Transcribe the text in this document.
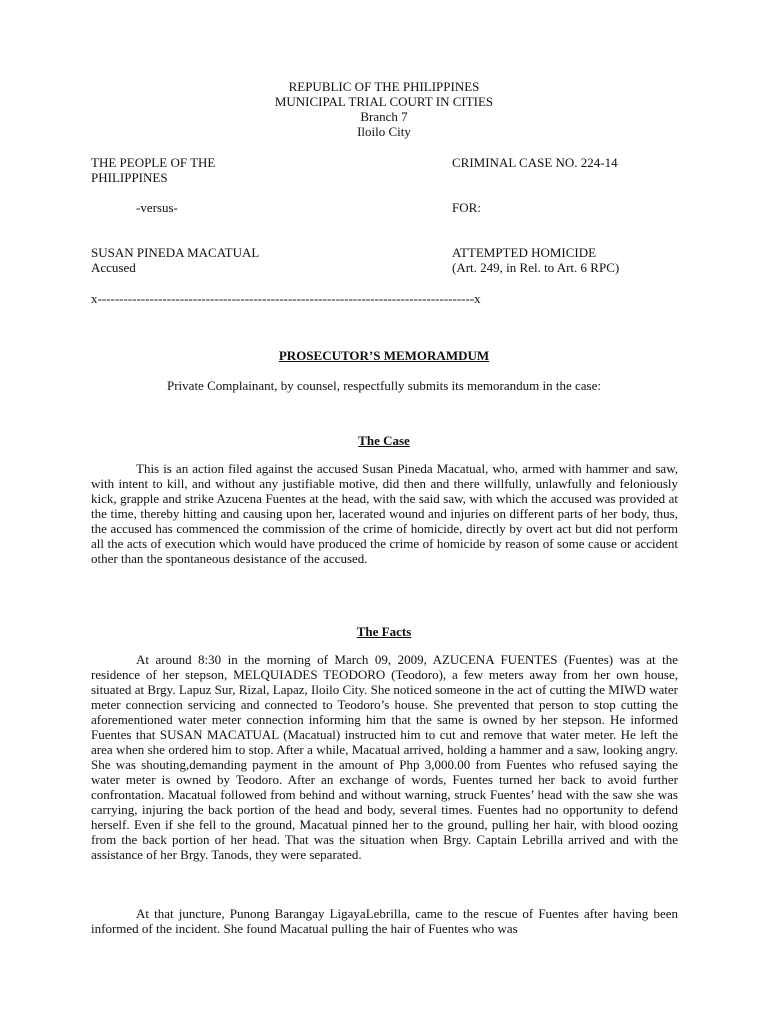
REPUBLIC OF THE PHILIPPINES
MUNICIPAL TRIAL COURT IN CITIES
Branch 7
Iloilo City
THE PEOPLE OF THE
PHILIPPINES
CRIMINAL CASE NO. 224-14
-versus-	FOR:
SUSAN PINEDA MACATUAL
Accused
ATTEMPTED HOMICIDE
(Art. 249, in Rel. to Art. 6 RPC)
x---------------------------------------------------------------------------------------x
PROSECUTOR’S MEMORAMDUM
Private Complainant, by counsel, respectfully submits its memorandum in the case:
The Case

This is an action filed against the accused Susan Pineda Macatual, who, armed with hammer and saw, with intent to kill, and without any justifiable motive, did then and there willfully, unlawfully and feloniously kick, grapple and strike Azucena Fuentes at the head, with the said saw, with which the accused was provided at the time, thereby hitting and causing upon her, lacerated wound and injuries on different parts of her body, thus, the accused has commenced the commission of the crime of homicide, directly by overt act but did not perform all the acts of execution which would have produced the crime of homicide by reason of some cause or accident other than the spontaneous desistance of the accused.

The Facts

At around 8:30 in the morning of March 09, 2009, AZUCENA FUENTES (Fuentes) was at the residence of her stepson, MELQUIADES TEODORO (Teodoro), a few meters away from her own house, situated at Brgy. Lapuz Sur, Rizal, Lapaz, Iloilo City. She noticed someone in the act of cutting the MIWD water meter connection servicing and connected to Teodoro’s house. She prevented that person to stop cutting the aforementioned water meter connection informing him that the same is owned by her stepson. He informed Fuentes that SUSAN MACATUAL (Macatual) instructed him to cut and remove that water meter. He left the area when she ordered him to stop. After a while, Macatual arrived, holding a hammer and a saw, looking angry. She was shouting,demanding payment in the amount of Php 3,000.00 from Fuentes who refused saying the water meter is owned by Teodoro. After an exchange of words, Fuentes turned her back to avoid further confrontation. Macatual followed from behind and without warning, struck Fuentes’ head with the saw she was carrying, injuring the back portion of the head and body, several times. Fuentes had no opportunity to defend herself. Even if she fell to the ground, Macatual pinned her to the ground, pulling her hair, with blood oozing from the back portion of her head. That was the situation when Brgy. Captain Lebrilla arrived and with the assistance of her Brgy. Tanods, they were separated.

At that juncture, Punong Barangay LigayaLebrilla, came to the rescue of Fuentes after having been informed of the incident. She found Macatual pulling the hair of Fuentes who was
